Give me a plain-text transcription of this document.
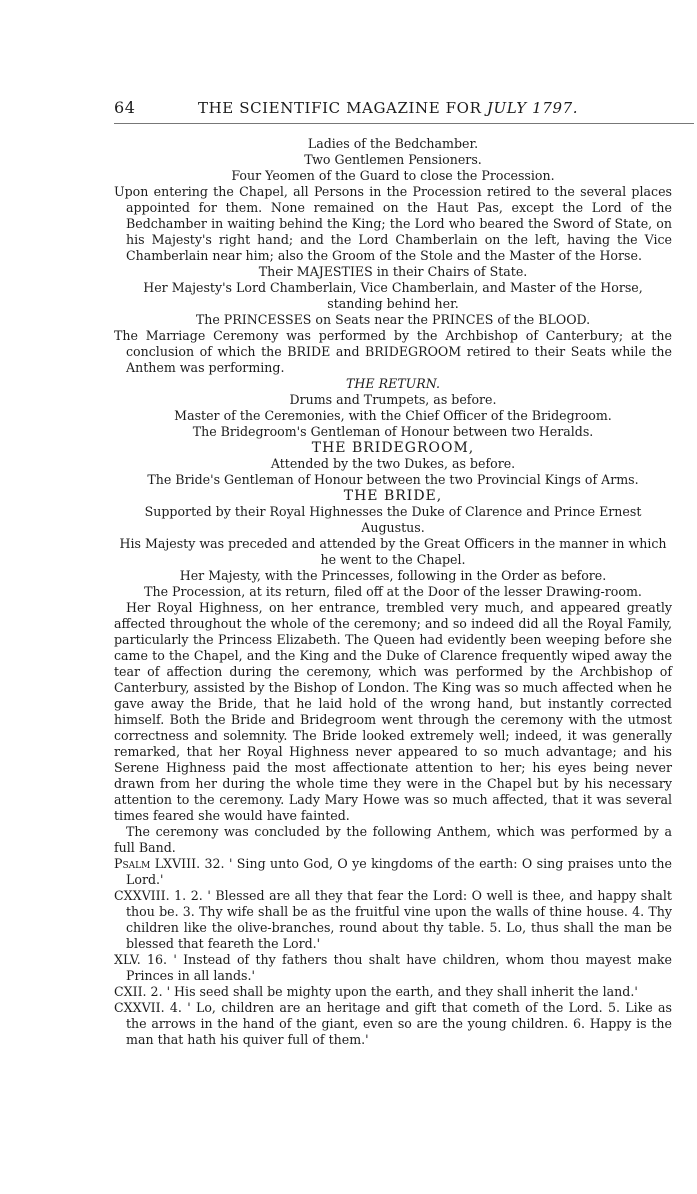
64	THE SCIENTIFIC MAGAZINE FOR JULY 1797.

Ladies of the Bedchamber.

Two Gentlemen Pensioners.

Four Yeomen of the Guard to close the Procession.

Upon entering the Chapel, all Persons in the Procession retired to the several places appointed for them. None remained on the Haut Pas, except the Lord of the Bedchamber in waiting behind the King; the Lord who beared the Sword of State, on his Majesty's right hand; and the Lord Chamberlain on the left, having the Vice Chamberlain near him; also the Groom of the Stole and the Master of the Horse.

Their MAJESTIES in their Chairs of State.

Her Majesty's Lord Chamberlain, Vice Chamberlain, and Master of the Horse, standing behind her.

The PRINCESSES on Seats near the PRINCES of the BLOOD.

The Marriage Ceremony was performed by the Archbishop of Canterbury; at the conclusion of which the BRIDE and BRIDEGROOM retired to their Seats while the Anthem was performing.

THE RETURN.

Drums and Trumpets, as before.

Master of the Ceremonies, with the Chief Officer of the Bridegroom.

The Bridegroom's Gentleman of Honour between two Heralds.

THE BRIDEGROOM,

Attended by the two Dukes, as before.

The Bride's Gentleman of Honour between the two Provincial Kings of Arms.

THE BRIDE,

Supported by their Royal Highnesses the Duke of Clarence and Prince Ernest Augustus.

His Majesty was preceded and attended by the Great Officers in the manner in which he went to the Chapel.

Her Majesty, with the Princesses, following in the Order as before.

The Procession, at its return, filed off at the Door of the lesser Drawing-room.

Her Royal Highness, on her entrance, trembled very much, and appeared greatly affected throughout the whole of the ceremony; and so indeed did all the Royal Family, particularly the Princess Elizabeth. The Queen had evidently been weeping before she came to the Chapel, and the King and the Duke of Clarence frequently wiped away the tear of affection during the ceremony, which was performed by the Archbishop of Canterbury, assisted by the Bishop of London. The King was so much affected when he gave away the Bride, that he laid hold of the wrong hand, but instantly corrected himself. Both the Bride and Bridegroom went through the ceremony with the utmost correctness and solemnity. The Bride looked extremely well; indeed, it was generally remarked, that her Royal Highness never appeared to so much advantage; and his Serene Highness paid the most affectionate attention to her; his eyes being never drawn from her during the whole time they were in the Chapel but by his necessary attention to the ceremony. Lady Mary Howe was so much affected, that it was several times feared she would have fainted.

The ceremony was concluded by the following Anthem, which was performed by a full Band.

Psalm LXVIII. 32. ' Sing unto God, O ye kingdoms of the earth: O sing praises unto the Lord.'

CXXVIII. 1. 2. ' Blessed are all they that fear the Lord: O well is thee, and happy shalt thou be. 3. Thy wife shall be as the fruitful vine upon the walls of thine house. 4. Thy children like the olive-branches, round about thy table. 5. Lo, thus shall the man be blessed that feareth the Lord.'

XLV. 16. ' Instead of thy fathers thou shalt have children, whom thou mayest make Princes in all lands.'

CXII. 2. ' His seed shall be mighty upon the earth, and they shall inherit the land.'

CXXVII. 4. ' Lo, children are an heritage and gift that cometh of the Lord. 5. Like as the arrows in the hand of the giant, even so are the young children. 6. Happy is the man that hath his quiver full of them.'
